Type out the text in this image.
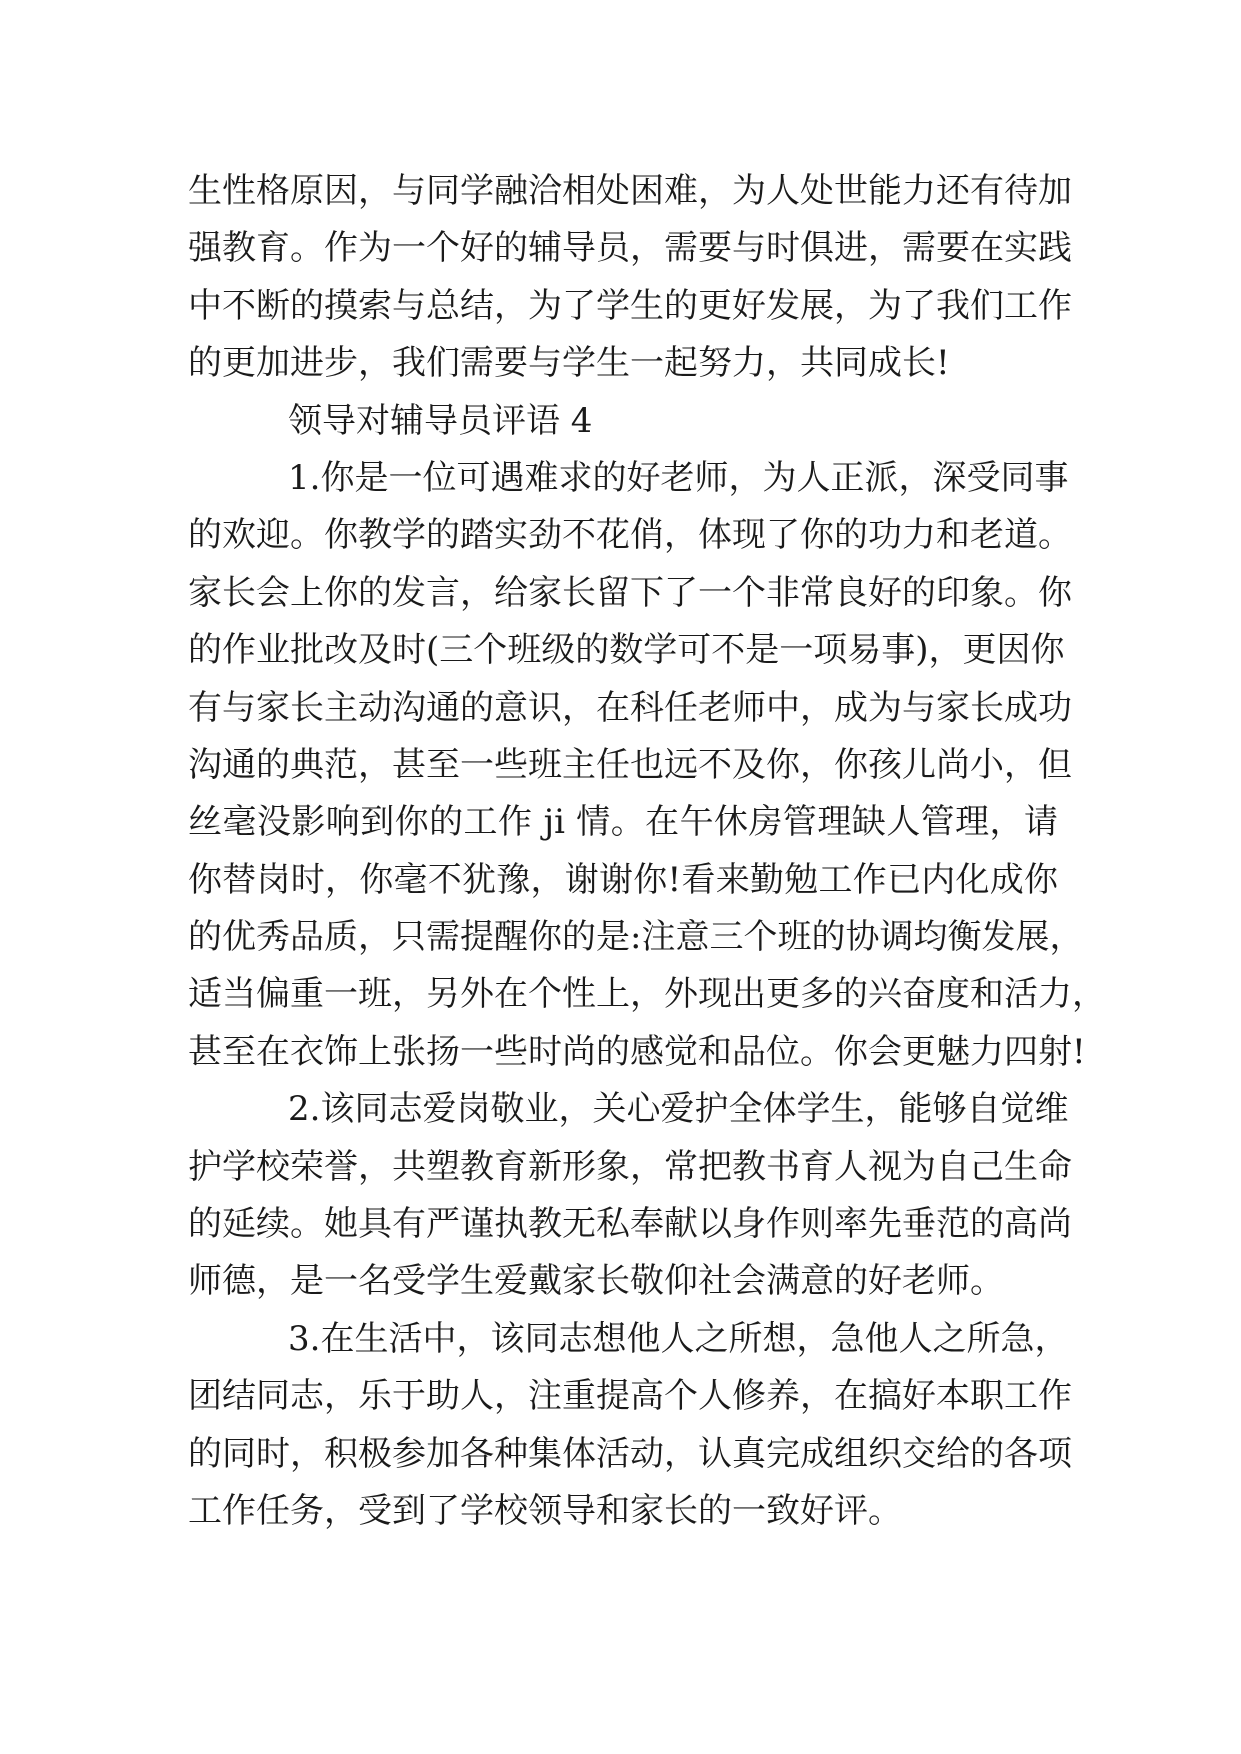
生性格原因，与同学融洽相处困难，为人处世能力还有待加
强教育。作为一个好的辅导员，需要与时俱进，需要在实践
中不断的摸索与总结，为了学生的更好发展，为了我们工作
的更加进步，我们需要与学生一起努力，共同成长!
领导对辅导员评语 4
1.你是一位可遇难求的好老师，为人正派，深受同事
的欢迎。你教学的踏实劲不花俏，体现了你的功力和老道。
家长会上你的发言，给家长留下了一个非常良好的印象。你
的作业批改及时(三个班级的数学可不是一项易事)，更因你
有与家长主动沟通的意识，在科任老师中，成为与家长成功
沟通的典范，甚至一些班主任也远不及你，你孩儿尚小，但
丝毫没影响到你的工作 ji 情。在午休房管理缺人管理，请
你替岗时，你毫不犹豫，谢谢你!看来勤勉工作已内化成你
的优秀品质，只需提醒你的是:注意三个班的协调均衡发展，
适当偏重一班，另外在个性上，外现出更多的兴奋度和活力，
甚至在衣饰上张扬一些时尚的感觉和品位。你会更魅力四射!
2.该同志爱岗敬业，关心爱护全体学生，能够自觉维
护学校荣誉，共塑教育新形象，常把教书育人视为自己生命
的延续。她具有严谨执教无私奉献以身作则率先垂范的高尚
师德，是一名受学生爱戴家长敬仰社会满意的好老师。
3.在生活中，该同志想他人之所想，急他人之所急，
团结同志，乐于助人，注重提高个人修养，在搞好本职工作
的同时，积极参加各种集体活动，认真完成组织交给的各项
工作任务，受到了学校领导和家长的一致好评。
